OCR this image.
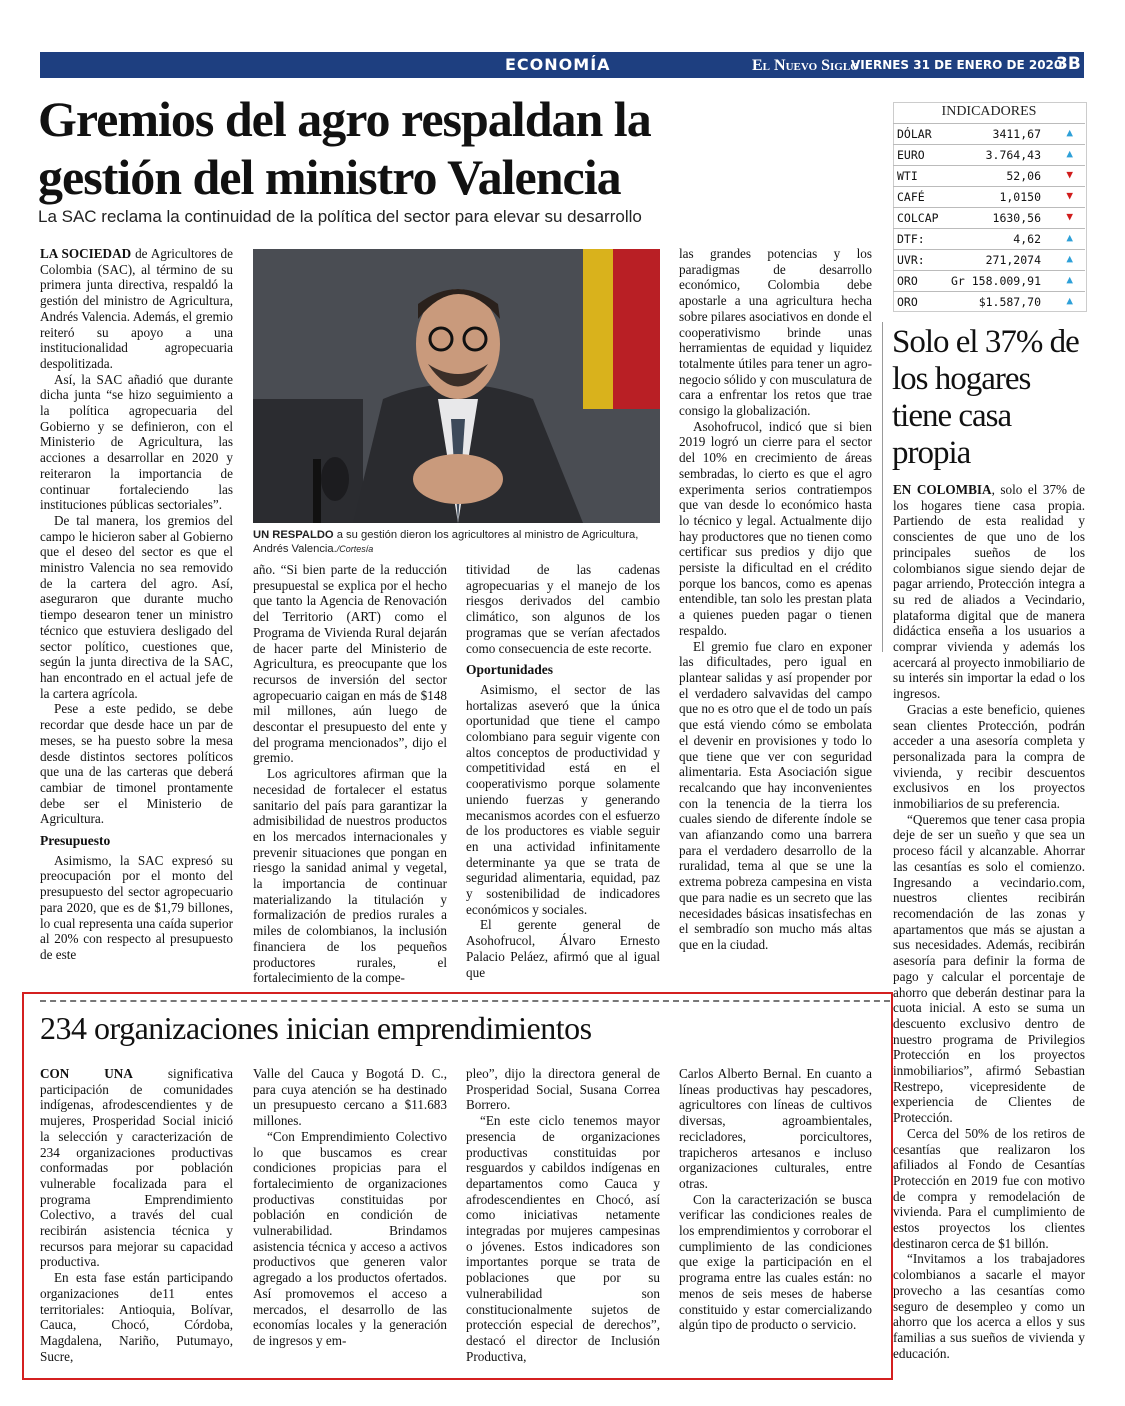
ECONOMÍA	El Nuevo Siglo
VIERNES 31 DE ENERO DE 2020
3B
Gremios del agro respaldan la
gestión del ministro Valencia
La SAC reclama la continuidad de la política del sector para elevar su desarrollo

LA SOCIEDAD de Agricultores de Colombia (SAC), al término de su primera junta directiva, respaldó la gestión del ministro de Agricultura, Andrés Valencia. Además, el gremio reiteró su apoyo a una institucionalidad agropecuaria despolitizada.

Así, la SAC añadió que durante dicha junta “se hizo seguimiento a la política agropecuaria del Gobierno y se definieron, con el Ministerio de Agricultura, las acciones a desarrollar en 2020 y reiteraron la importancia de continuar fortaleciendo las instituciones públicas sectoriales”.

De tal manera, los gremios del campo le hicieron saber al Gobierno que el deseo del sector es que el ministro Valencia no sea removido de la cartera del agro. Así, aseguraron que durante mucho tiempo desearon tener un ministro técnico que estuviera desligado del sector político, cuestiones que, según la junta directiva de la SAC, han encontrado en el actual jefe de la cartera agrícola.

Pese a este pedido, se debe recordar que desde hace un par de meses, se ha puesto sobre la mesa desde distintos sectores políticos que una de las carteras que deberá cambiar de timonel prontamente debe ser el Ministerio de Agricultura.

Presupuesto

Asimismo, la SAC expresó su preocupación por el monto del presupuesto del sector agropecuario para 2020, que es de $1,79 billones, lo cual representa una caída superior al 20% con respecto al presupuesto de este

UN RESPALDO a su gestión dieron los agricultores al ministro de Agricultura, Andrés Valencia./Cortesía

año. “Si bien parte de la reducción presupuestal se explica por el hecho que tanto la Agencia de Renovación del Territorio (ART) como el Programa de Vivienda Rural dejarán de hacer parte del Ministerio de Agricultura, es preocupante que los recursos de inversión del sector agropecuario caigan en más de $148 mil millones, aún luego de descontar el presupuesto del ente y del programa mencionados”, dijo el gremio.

Los agricultores afirman que la necesidad de fortalecer el estatus sanitario del país para garantizar la admisibilidad de nuestros productos en los mercados internacionales y prevenir situaciones que pongan en riesgo la sanidad animal y vegetal, la importancia de continuar materializando la titulación y formalización de predios rurales a miles de colombianos, la inclusión financiera de los pequeños productores rurales, el fortalecimiento de la compe-

titividad de las cadenas agropecuarias y el manejo de los riesgos derivados del cambio climático, son algunos de los programas que se verían afectados como consecuencia de este recorte.

Oportunidades

Asimismo, el sector de las hortalizas aseveró que la única oportunidad que tiene el campo colombiano para seguir vigente con altos conceptos de productividad y competitividad está en el cooperativismo porque solamente uniendo fuerzas y generando mecanismos acordes con el esfuerzo de los productores es viable seguir en una actividad infinitamente determinante ya que se trata de seguridad alimentaria, equidad, paz y sostenibilidad de indicadores económicos y sociales.

El gerente general de Asohofrucol, Álvaro Ernesto Palacio Peláez, afirmó que al igual que

las grandes potencias y los paradigmas de desarrollo económico, Colombia debe apostarle a una agricultura hecha sobre pilares asociativos en donde el cooperativismo brinde unas herramientas de equidad y liquidez totalmente útiles para tener un agro-negocio sólido y con musculatura de cara a enfrentar los retos que trae consigo la globalización.

Asohofrucol, indicó que si bien 2019 logró un cierre para el sector del 10% en crecimiento de áreas sembradas, lo cierto es que el agro experimenta serios contratiempos que van desde lo económico hasta lo técnico y legal. Actualmente dijo hay productores que no tienen como certificar sus predios y dijo que persiste la dificultad en el crédito porque los bancos, como es apenas entendible, tan solo les prestan plata a quienes pueden pagar o tienen respaldo.

El gremio fue claro en exponer las dificultades, pero igual en plantear salidas y así propender por el verdadero salvavidas del campo que no es otro que el de todo un país que está viendo cómo se embolata el devenir en provisiones y todo lo que tiene que ver con seguridad alimentaria. Esta Asociación sigue recalcando que hay inconvenientes con la tenencia de la tierra los cuales siendo de diferente índole se van afianzando como una barrera para el verdadero desarrollo de la ruralidad, tema al que se une la extrema pobreza campesina en vista que para nadie es un secreto que las necesidades básicas insatisfechas en el sembradío son mucho más altas que en la ciudad.

INDICADORES
DÓLAR	3411,67 ▲
EURO	3.764,43 ▲
WTI	52,06 ▼
CAFÉ	1,0150 ▼
COLCAP	1630,56 ▼
DTF:	4,62 ▲
UVR:	271,2074 ▲
ORO	Gr 158.009,91 ▲
ORO	$1.587,70 ▲
Solo el 37% de los hogares tiene casa propia

EN COLOMBIA, solo el 37% de los hogares tiene casa propia. Partiendo de esta realidad y conscientes de que uno de los principales sueños de los colombianos sigue siendo dejar de pagar arriendo, Protección integra a su red de aliados a Vecindario, plataforma digital que de manera didáctica enseña a los usuarios a comprar vivienda y además los acercará al proyecto inmobiliario de su interés sin importar la edad o los ingresos.

Gracias a este beneficio, quienes sean clientes Protección, podrán acceder a una asesoría completa y personalizada para la compra de vivienda, y recibir descuentos exclusivos en los proyectos inmobiliarios de su preferencia.

“Queremos que tener casa propia deje de ser un sueño y que sea un proceso fácil y alcanzable. Ahorrar las cesantías es solo el comienzo. Ingresando a vecindario.com, nuestros clientes recibirán recomendación de las zonas y apartamentos que más se ajustan a sus necesidades. Además, recibirán asesoría para definir la forma de pago y calcular el porcentaje de ahorro que deberán destinar para la cuota inicial. A esto se suma un descuento exclusivo dentro de nuestro programa de Privilegios Protección en los proyectos inmobiliarios”, afirmó Sebastian Restrepo, vicepresidente de experiencia de Clientes de Protección.

Cerca del 50% de los retiros de cesantías que realizaron los afiliados al Fondo de Cesantías Protección en 2019 fue con motivo de compra y remodelación de vivienda. Para el cumplimiento de estos proyectos los clientes destinaron cerca de $1 billón.

“Invitamos a los trabajadores colombianos a sacarle el mayor provecho a las cesantías como seguro de desempleo y como un ahorro que los acerca a ellos y sus familias a sus sueños de vivienda y educación.

234 organizaciones inician emprendimientos

CON UNA	significativa participación de comunidades indígenas, afrodescendientes y de mujeres, Prosperidad Social inició la selección y caracterización de 234 organizaciones productivas conformadas por población vulnerable focalizada para el programa Emprendimiento Colectivo, a través del cual recibirán asistencia técnica y recursos para mejorar su capacidad productiva.

En esta fase están participando organizaciones de11 entes territoriales: Antioquia, Bolívar, Cauca, Chocó, Córdoba, Magdalena, Nariño, Putumayo, Sucre,

Valle del Cauca y Bogotá D. C., para cuya atención se ha destinado un presupuesto cercano a $11.683 millones.

“Con Emprendimiento Colectivo lo que buscamos es crear condiciones propicias para el fortalecimiento de organizaciones productivas constituidas por población en condición de vulnerabilidad. Brindamos asistencia técnica y acceso a activos productivos que generen valor agregado a los productos ofertados. Así promovemos el acceso a mercados, el desarrollo de las economías locales y la generación de ingresos y em-

pleo”, dijo la directora general de Prosperidad Social, Susana Correa Borrero.

“En este ciclo tenemos mayor presencia de organizaciones productivas constituidas por resguardos y cabildos indígenas en departamentos como Cauca y afrodescendientes en Chocó, así como iniciativas netamente integradas por mujeres campesinas o jóvenes. Estos indicadores son importantes porque se trata de poblaciones que por su vulnerabilidad son constitucionalmente sujetos de protección especial de derechos”, destacó el director de Inclusión Productiva,

Carlos Alberto Bernal. En cuanto a líneas productivas hay pescadores, agricultores con líneas de cultivos diversas, agroambientales, recicladores, porcicultores, trapicheros artesanos e incluso organizaciones culturales, entre otras.

Con la caracterización se busca verificar las condiciones reales de los emprendimientos y corroborar el cumplimiento de las condiciones que exige la participación en el programa entre las cuales están: no menos de seis meses de haberse constituido y estar comercializando algún tipo de producto o servicio.
